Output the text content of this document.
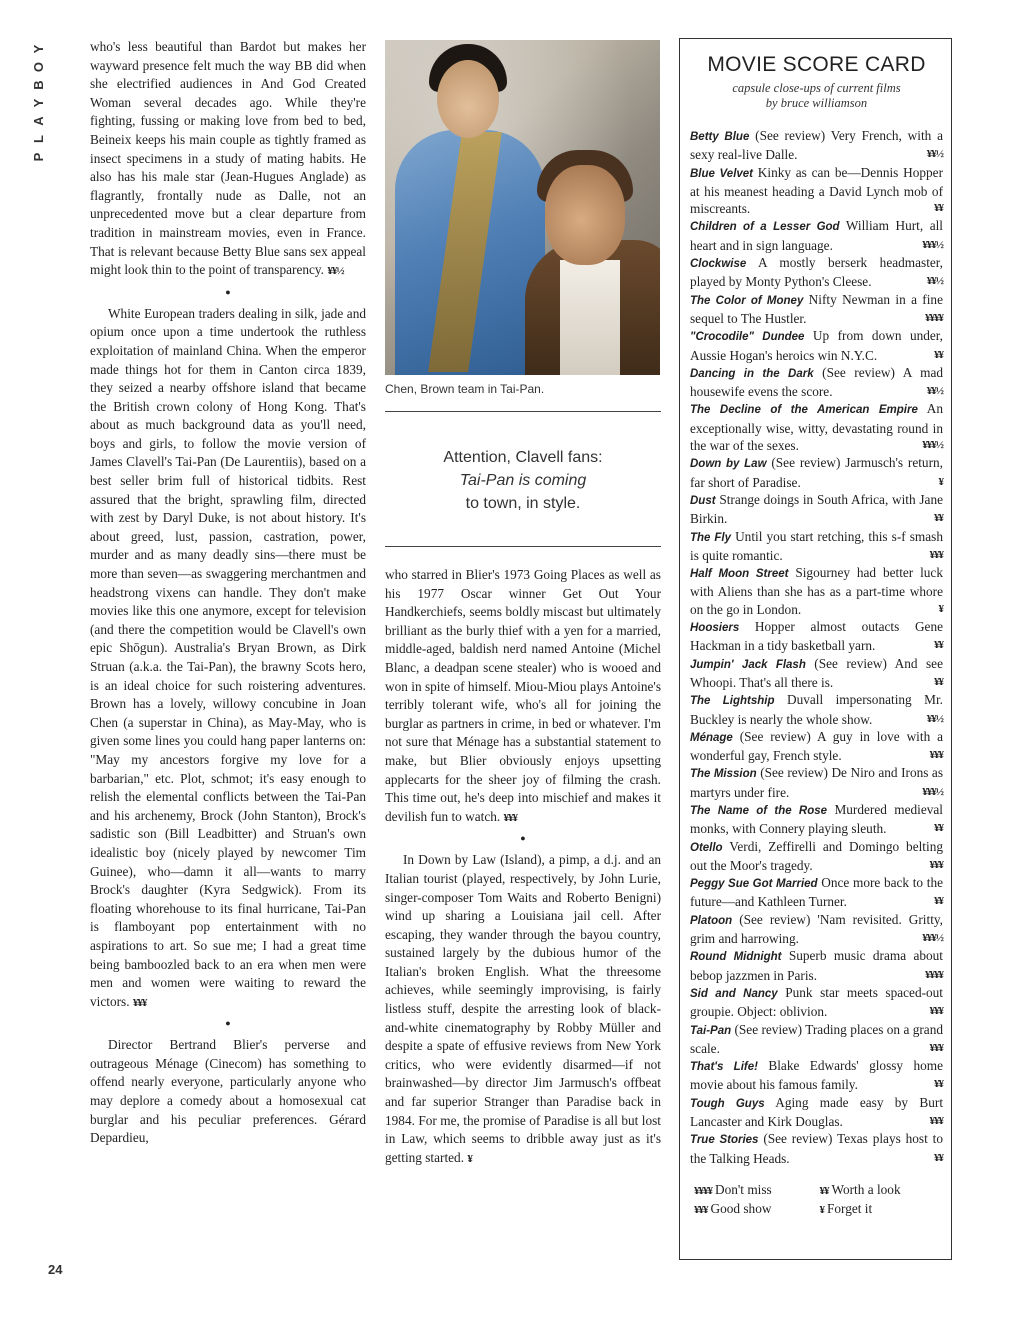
Y
O
B
Y
A
L
P

who's less beautiful than Bardot but makes her wayward presence felt much the way BB did when she electrified audiences in And God Created Woman several decades ago. While they're fighting, fussing or making love from bed to bed, Beineix keeps his main couple as tightly framed as insect specimens in a study of mating habits. He also has his male star (Jean-Hugues Anglade) as flagrantly, frontally nude as Dalle, not an unprecedented move but a clear departure from tradition in mainstream movies, even in France. That is relevant because Betty Blue sans sex appeal might look thin to the point of transparency. ¥¥½

●

White European traders dealing in silk, jade and opium once upon a time undertook the ruthless exploitation of mainland China. When the emperor made things hot for them in Canton circa 1839, they seized a nearby offshore island that became the British crown colony of Hong Kong. That's about as much background data as you'll need, boys and girls, to follow the movie version of James Clavell's Tai-Pan (De Laurentiis), based on a best seller brim full of historical tidbits. Rest assured that the bright, sprawling film, directed with zest by Daryl Duke, is not about history. It's about greed, lust, passion, castration, power, murder and as many deadly sins—there must be more than seven—as swaggering merchantmen and headstrong vixens can handle. They don't make movies like this one anymore, except for television (and there the competition would be Clavell's own epic Shōgun). Australia's Bryan Brown, as Dirk Struan (a.k.a. the Tai-Pan), the brawny Scots hero, is an ideal choice for such roistering adventures. Brown has a lovely, willowy concubine in Joan Chen (a superstar in China), as May-May, who is given some lines you could hang paper lanterns on: "May my ancestors forgive my love for a barbarian," etc. Plot, schmot; it's easy enough to relish the elemental conflicts between the Tai-Pan and his archenemy, Brock (John Stanton), Brock's sadistic son (Bill Leadbitter) and Struan's own idealistic boy (nicely played by newcomer Tim Guinee), who—damn it all—wants to marry Brock's daughter (Kyra Sedgwick). From its floating whorehouse to its final hurricane, Tai-Pan is flamboyant pop entertainment with no aspirations to art. So sue me; I had a great time being bamboozled back to an era when men were men and women were waiting to reward the victors. ¥¥¥

●

Director Bertrand Blier's perverse and outrageous Ménage (Cinecom) has something to offend nearly everyone, particularly anyone who may deplore a comedy about a homosexual cat burglar and his peculiar preferences. Gérard Depardieu,

Chen, Brown team in Tai-Pan.
Attention, Clavell fans:
Tai-Pan is coming
to town, in style.

who starred in Blier's 1973 Going Places as well as his 1977 Oscar winner Get Out Your Handkerchiefs, seems boldly miscast but ultimately brilliant as the burly thief with a yen for a married, middle-aged, baldish nerd named Antoine (Michel Blanc, a deadpan scene stealer) who is wooed and won in spite of himself. Miou-Miou plays Antoine's terribly tolerant wife, who's all for joining the burglar as partners in crime, in bed or whatever. I'm not sure that Ménage has a substantial statement to make, but Blier obviously enjoys upsetting applecarts for the sheer joy of filming the crash. This time out, he's deep into mischief and makes it devilish fun to watch. ¥¥¥

●

In Down by Law (Island), a pimp, a d.j. and an Italian tourist (played, respectively, by John Lurie, singer-composer Tom Waits and Roberto Benigni) wind up sharing a Louisiana jail cell. After escaping, they wander through the bayou country, sustained largely by the dubious humor of the Italian's broken English. What the threesome achieves, while seemingly improvising, is fairly listless stuff, despite the arresting look of black-and-white cinematography by Robby Müller and despite a spate of effusive reviews from New York critics, who were evidently disarmed—if not brainwashed—by director Jim Jarmusch's offbeat and far superior Stranger than Paradise back in 1984. For me, the promise of Paradise is all but lost in Law, which seems to dribble away just as it's getting started. ¥

MOVIE SCORE CARD
capsule close-ups of current films
by bruce williamson
Betty Blue (See review) Very French, with a sexy real-live Dalle.	¥¥½
Blue Velvet Kinky as can be—Dennis Hopper at his meanest heading a David Lynch mob of miscreants.	¥¥
Children of a Lesser God William Hurt, all heart and in sign language.	¥¥¥½
Clockwise A mostly berserk headmaster, played by Monty Python's Cleese.	¥¥½
The Color of Money Nifty Newman in a fine sequel to The Hustler.	¥¥¥¥
"Crocodile" Dundee Up from down under, Aussie Hogan's heroics win N.Y.C.	¥¥
Dancing in the Dark (See review) A mad housewife evens the score.	¥¥½
The Decline of the American Empire An exceptionally wise, witty, devastating round in the war of the sexes.	¥¥¥½
Down by Law (See review) Jarmusch's return, far short of Paradise.	¥
Dust Strange doings in South Africa, with Jane Birkin.	¥¥
The Fly Until you start retching, this s-f smash is quite romantic.	¥¥¥
Half Moon Street Sigourney had better luck with Aliens than she has as a part-time whore on the go in London.	¥
Hoosiers Hopper almost outacts Gene Hackman in a tidy basketball yarn.	¥¥
Jumpin' Jack Flash (See review) And see Whoopi. That's all there is.	¥¥
The Lightship Duvall impersonating Mr. Buckley is nearly the whole show.	¥¥½
Ménage (See review) A guy in love with a wonderful gay, French style.	¥¥¥
The Mission (See review) De Niro and Irons as martyrs under fire.	¥¥¥½
The Name of the Rose Murdered medieval monks, with Connery playing sleuth.	¥¥
Otello Verdi, Zeffirelli and Domingo belting out the Moor's tragedy.	¥¥¥
Peggy Sue Got Married Once more back to the future—and Kathleen Turner.	¥¥
Platoon (See review) 'Nam revisited. Gritty, grim and harrowing.	¥¥¥½
Round Midnight Superb music drama about bebop jazzmen in Paris.	¥¥¥¥
Sid and Nancy Punk star meets spaced-out groupie. Object: oblivion.	¥¥¥
Tai-Pan (See review) Trading places on a grand scale.	¥¥¥
That's Life! Blake Edwards' glossy home movie about his famous family.	¥¥
Tough Guys Aging made easy by Burt Lancaster and Kirk Douglas.	¥¥¥
True Stories (See review) Texas plays host to the Talking Heads.	¥¥
¥¥¥¥ Don't miss	¥¥ Worth a look
¥¥¥ Good show	¥ Forget it
24
